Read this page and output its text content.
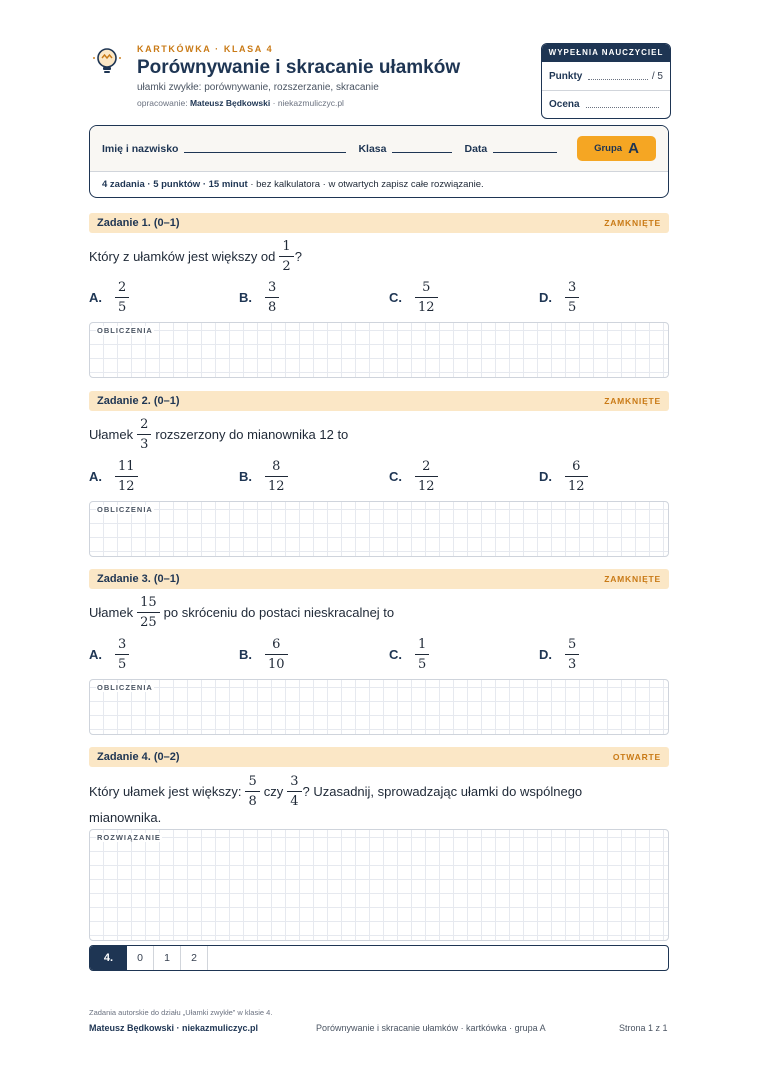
KARTKÓWKA · KLASA 4
Porównywanie i skracanie ułamków
ułamki zwykłe: porównywanie, rozszerzanie, skracanie
opracowanie: Mateusz Będkowski · niekazmuliczyc.pl
WYPEŁNIA NAUCZYCIEL
Punkty	/ 5
Ocena
Imię i nazwisko	Klasa	Data	Grupa A
4 zadania · 5 punktów · 15 minut · bez kalkulatora · w otwartych zapisz całe rozwiązanie.
Zadanie 1. (0–1)	ZAMKNIĘTE
Który z ułamków jest większy od $\frac{1}{2}$ ?
A.	$\frac{2}{5}$	B.	$\frac{3}{8}$	C.	$\frac{5}{12}$	D.	$\frac{3}{5}$
OBLICZENIA
Zadanie 2. (0–1)	ZAMKNIĘTE
Ułamek $\frac{2}{3}$ rozszerzony do mianownika 12 to
A.	$\frac{11}{12}$	B.	$\frac{8}{12}$	C.	$\frac{2}{12}$	D.	$\frac{6}{12}$
OBLICZENIA
Zadanie 3. (0–1)	ZAMKNIĘTE
Ułamek $\frac{15}{25}$ po skróceniu do postaci nieskracalnej to
A.	$\frac{3}{5}$	B.	$\frac{6}{10}$	C.	$\frac{1}{5}$	D.	$\frac{5}{3}$
OBLICZENIA
Zadanie 4. (0–2)	OTWARTE
Który ułamek jest większy: $\frac{5}{8}$ czy $\frac{3}{4}$ ? Uzasadnij, sprowadzając ułamki do wspólnego
mianownika.
ROZWIĄZANIE
4.	0	1	2
Zadania autorskie do działu „Ułamki zwykłe” w klasie 4.
Mateusz Będkowski · niekazmuliczyc.pl	Porównywanie i skracanie ułamków · kartkówka · grupa A	Strona 1 z 1
